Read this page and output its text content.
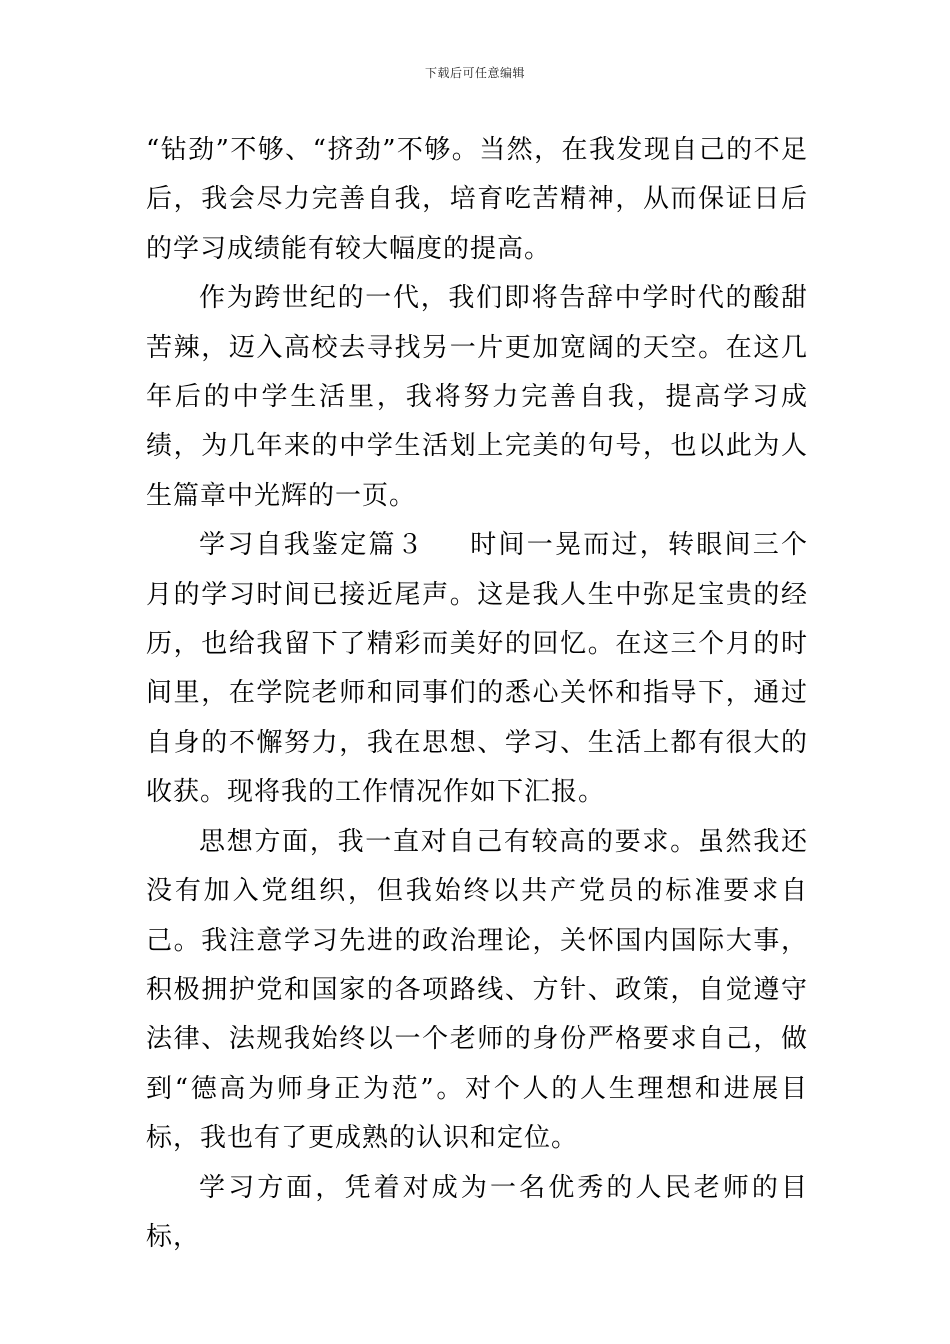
下载后可任意编辑

“钻劲”不够、“挤劲”不够。当然，在我发现自己的不足后，我会尽力完善自我，培育吃苦精神，从而保证日后的学习成绩能有较大幅度的提高。

作为跨世纪的一代，我们即将告辞中学时代的酸甜苦辣，迈入高校去寻找另一片更加宽阔的天空。在这几年后的中学生活里，我将努力完善自我，提高学习成绩，为几年来的中学生活划上完美的句号，也以此为人生篇章中光辉的一页。

学习自我鉴定篇３ 时间一晃而过，转眼间三个月的学习时间已接近尾声。这是我人生中弥足宝贵的经历，也给我留下了精彩而美好的回忆。在这三个月的时间里，在学院老师和同事们的悉心关怀和指导下，通过自身的不懈努力，我在思想、学习、生活上都有很大的收获。现将我的工作情况作如下汇报。

思想方面，我一直对自己有较高的要求。虽然我还没有加入党组织，但我始终以共产党员的标准要求自己。我注意学习先进的政治理论，关怀国内国际大事，积极拥护党和国家的各项路线、方针、政策，自觉遵守法律、法规我始终以一个老师的身份严格要求自己，做到“德高为师身正为范”。对个人的人生理想和进展目标，我也有了更成熟的认识和定位。

学习方面，凭着对成为一名优秀的人民老师的目标，
